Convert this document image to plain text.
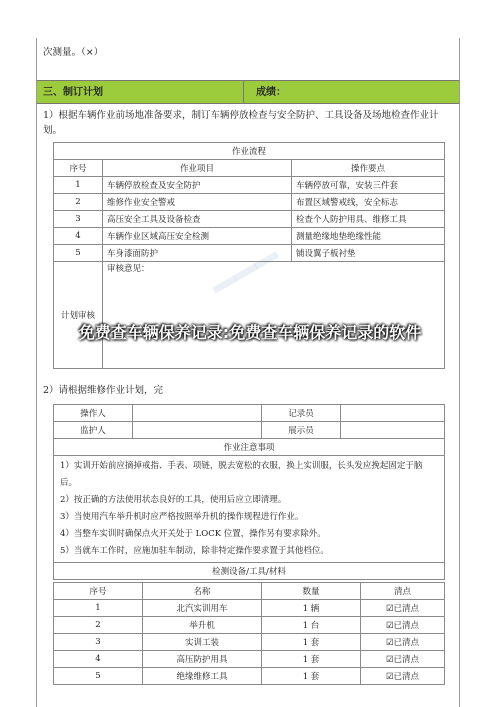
次测量。（×）
三、制订计划	成绩：
1）根据车辆作业前场地准备要求，制订车辆停放检查与安全防护、工具设备及场地检查作业计划。
作业流程		
序号	作业项目	操作要点
1	车辆停放检查及安全防护	车辆停放可靠，安装三件套
2	维修作业安全警戒	布置区域警戒线，安全标志
3	高压安全工具及设备检查	检查个人防护用具、维修工具
4	车辆作业区域高压安全检测	测量绝缘地垫绝缘性能
5	车身漆面防护	铺设翼子板衬垫
计划审核	审核意见：	
2）请根据维修作业计划，完
操作人		记录员	
监护人		展示员	
作业注意事项			

1）实训开始前应摘掉戒指、手表、项链，脱去宽松的衣服，换上实训服，长头发应挽起固定于脑后。
2）按正确的方法使用状态良好的工具，使用后应立即清理。
3）当使用汽车举升机时应严格按照举升机的操作规程进行作业。
4）当整车实训时确保点火开关处于 LOCK 位置，操作另有要求除外。
5）当就车工作时，应施加驻车制动，除非特定操作要求置于其他档位。			

检测设备/工具/材料			
序号	名称	数量	清点
1	北汽实训用车	1 辆	☑已清点
2	举升机	1 台	☑已清点
3	实训工装	1 套	☑已清点
4	高压防护用具	1 套	☑已清点
5	绝缘维修工具	1 套	☑已清点
━━━
免费查车辆保养记录:免费查车辆保养记录的软件
